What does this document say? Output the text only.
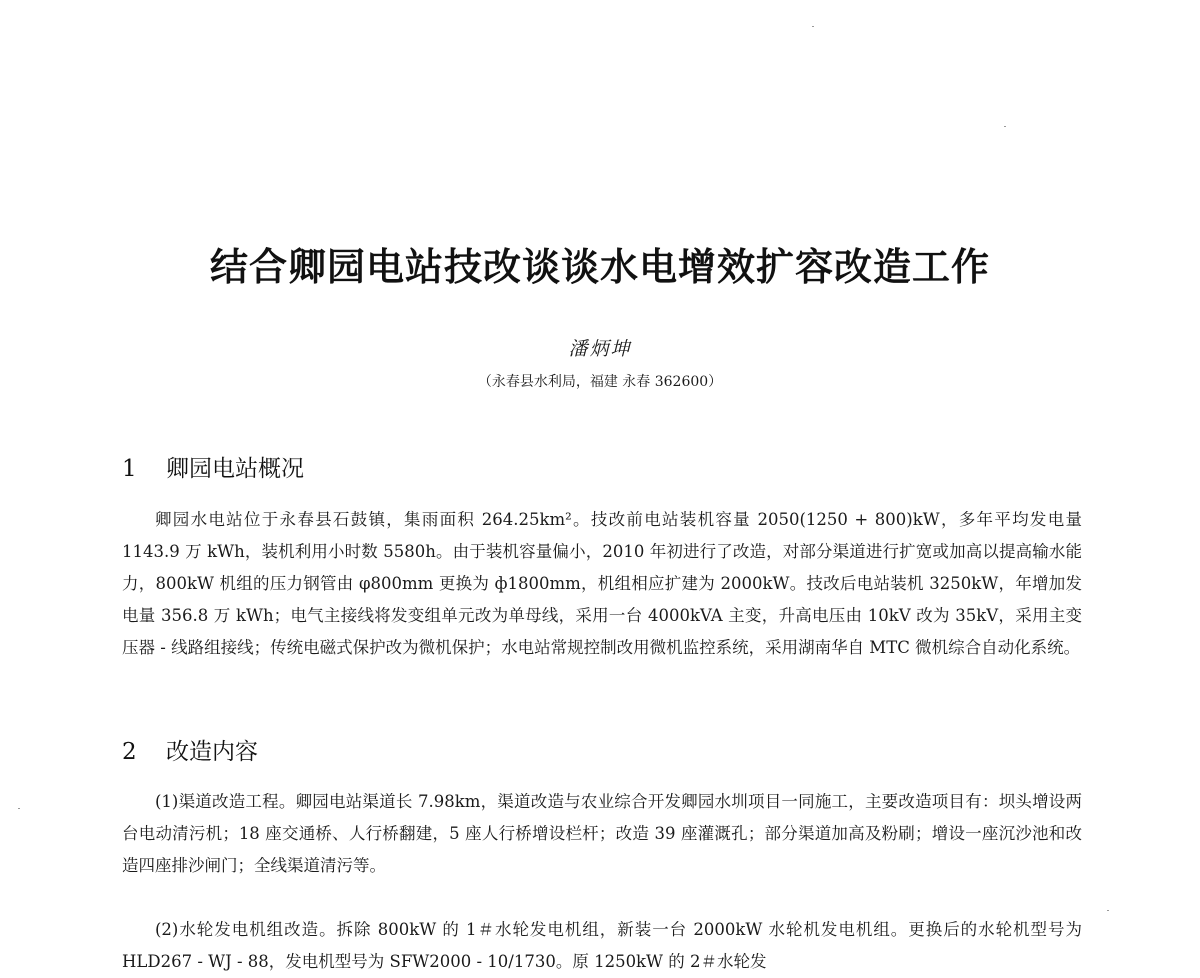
结合卿园电站技改谈谈水电增效扩容改造工作
潘炳坤
（永春县水利局，福建 永春 362600）
1 卿园电站概况

卿园水电站位于永春县石鼓镇，集雨面积 264.25km²。技改前电站装机容量 2050(1250 + 800)kW，多年平均发电量 1143.9 万 kWh，装机利用小时数 5580h。由于装机容量偏小，2010 年初进行了改造，对部分渠道进行扩宽或加高以提高输水能力，800kW 机组的压力钢管由 φ800mm 更换为 ф1800mm，机组相应扩建为 2000kW。技改后电站装机 3250kW，年增加发电量 356.8 万 kWh；电气主接线将发变组单元改为单母线，采用一台 4000kVA 主变，升高电压由 10kV 改为 35kV，采用主变压器 - 线路组接线；传统电磁式保护改为微机保护；水电站常规控制改用微机监控系统，采用湖南华自 MTC 微机综合自动化系统。

2 改造内容

(1)渠道改造工程。卿园电站渠道长 7.98km，渠道改造与农业综合开发卿园水圳项目一同施工，主要改造项目有：坝头增设两台电动清污机；18 座交通桥、人行桥翻建，5 座人行桥增设栏杆；改造 39 座灌溉孔；部分渠道加高及粉刷；增设一座沉沙池和改造四座排沙闸门；全线渠道清污等。

(2)水轮发电机组改造。拆除 800kW 的 1＃水轮发电机组，新装一台 2000kW 水轮机发电机组。更换后的水轮机型号为 HLD267 - WJ - 88，发电机型号为 SFW2000 - 10/1730。原 1250kW 的 2＃水轮发
